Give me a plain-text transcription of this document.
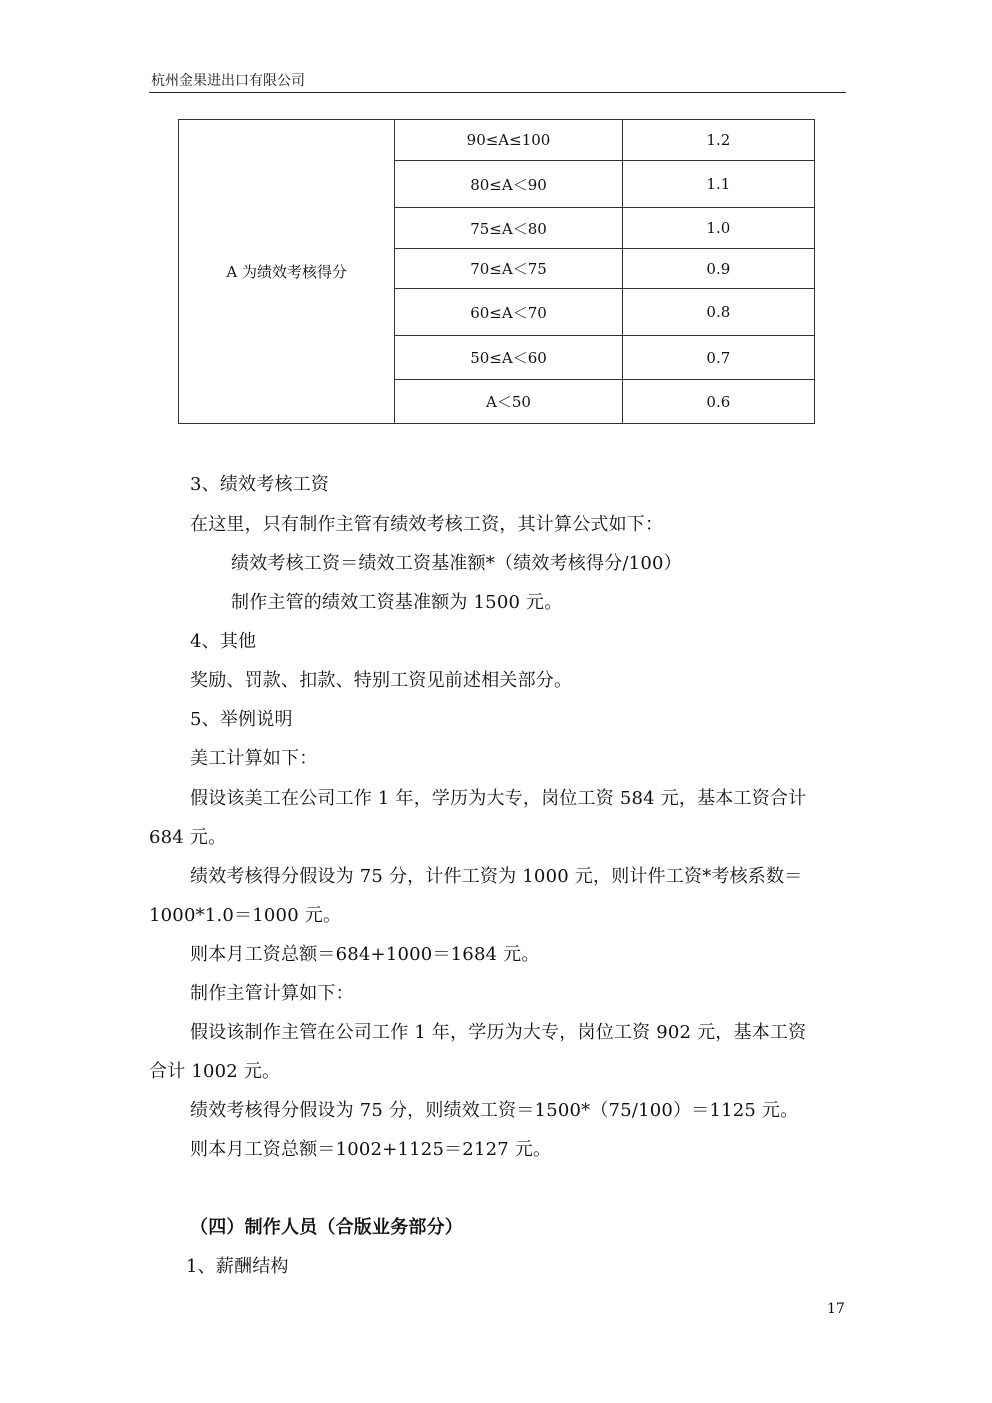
杭州金果进出口有限公司
A 为绩效考核得分	90≤A≤100	1.2
	80≤A＜90	1.1
	75≤A＜80	1.0
	70≤A＜75	0.9
	60≤A＜70	0.8
	50≤A＜60	0.7
	A＜50	0.6
3、绩效考核工资
在这里，只有制作主管有绩效考核工资，其计算公式如下：
绩效考核工资＝绩效工资基准额*（绩效考核得分/100）
制作主管的绩效工资基准额为 1500 元。
4、其他
奖励、罚款、扣款、特别工资见前述相关部分。
5、举例说明
美工计算如下：
假设该美工在公司工作 1 年，学历为大专，岗位工资 584 元，基本工资合计
684 元。
绩效考核得分假设为 75 分，计件工资为 1000 元，则计件工资*考核系数＝
1000*1.0＝1000 元。
则本月工资总额＝684+1000＝1684 元。
制作主管计算如下：
假设该制作主管在公司工作 1 年，学历为大专，岗位工资 902 元，基本工资
合计 1002 元。
绩效考核得分假设为 75 分，则绩效工资＝1500*（75/100）＝1125 元。
则本月工资总额＝1002+1125＝2127 元。
（四）制作人员（合版业务部分）
1、薪酬结构
17
